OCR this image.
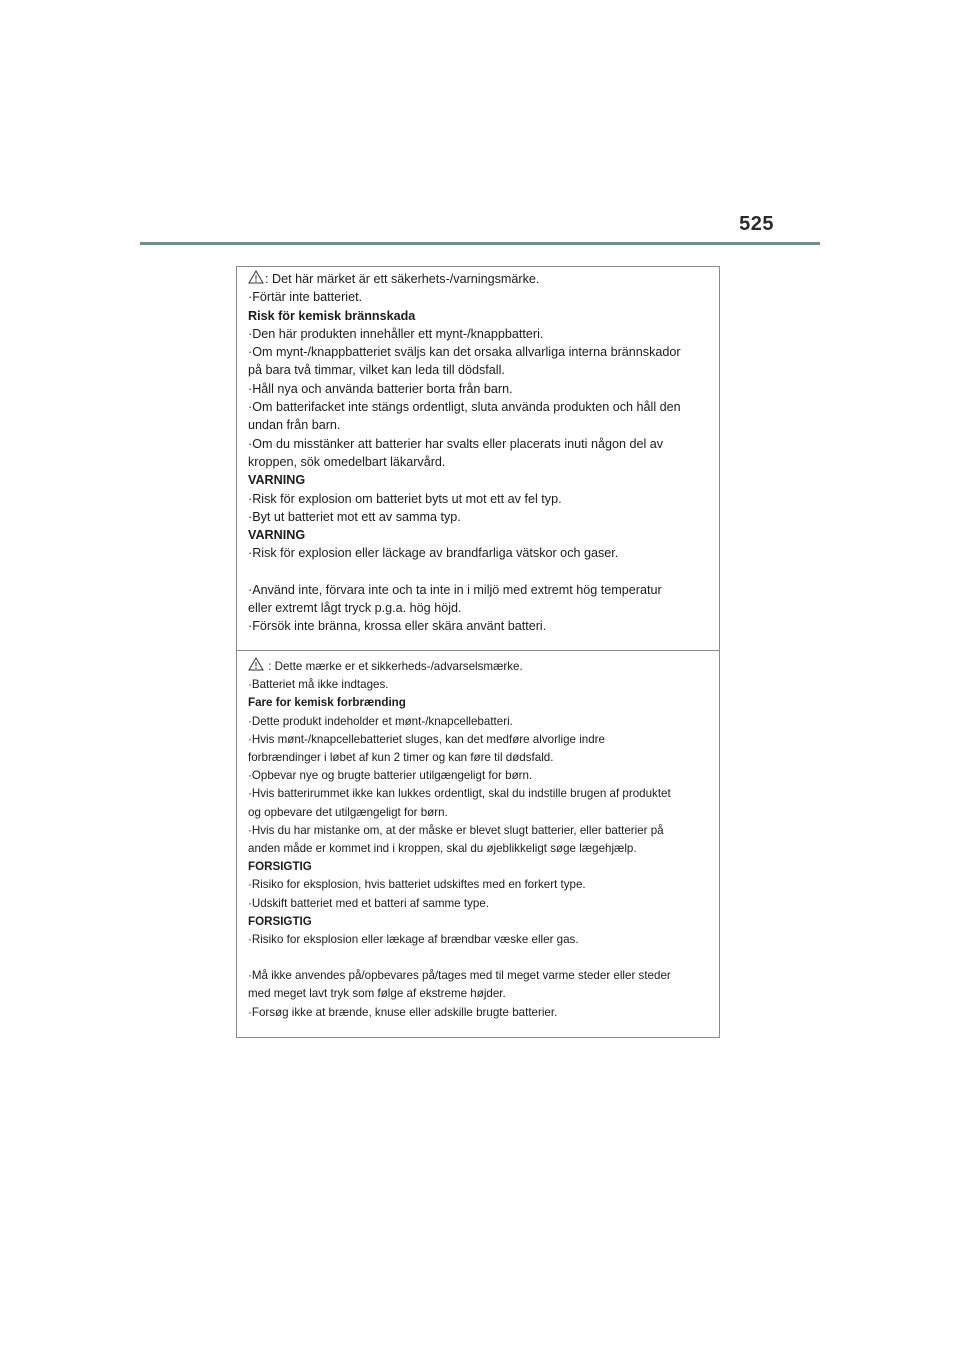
525
: Det här märket är ett säkerhets-/varningsmärke.
·Förtär inte batteriet.
Risk för kemisk brännskada
·Den här produkten innehåller ett mynt-/knappbatteri.
·Om mynt-/knappbatteriet sväljs kan det orsaka allvarliga interna brännskador
på bara två timmar, vilket kan leda till dödsfall.
·Håll nya och använda batterier borta från barn.
·Om batterifacket inte stängs ordentligt, sluta använda produkten och håll den
undan från barn.
·Om du misstänker att batterier har svalts eller placerats inuti någon del av
kroppen, sök omedelbart läkarvård.
VARNING
·Risk för explosion om batteriet byts ut mot ett av fel typ.
·Byt ut batteriet mot ett av samma typ.
VARNING
·Risk för explosion eller läckage av brandfarliga vätskor och gaser.
·Använd inte, förvara inte och ta inte in i miljö med extremt hög temperatur
eller extremt lågt tryck p.g.a. hög höjd.
·Försök inte bränna, krossa eller skära använt batteri.
: Dette mærke er et sikkerheds-/advarselsmærke.
·Batteriet må ikke indtages.
Fare for kemisk forbrænding
·Dette produkt indeholder et mønt-/knapcellebatteri.
·Hvis mønt-/knapcellebatteriet sluges, kan det medføre alvorlige indre
forbrændinger i løbet af kun 2 timer og kan føre til dødsfald.
·Opbevar nye og brugte batterier utilgængeligt for børn.
·Hvis batterirummet ikke kan lukkes ordentligt, skal du indstille brugen af produktet
og opbevare det utilgængeligt for børn.
·Hvis du har mistanke om, at der måske er blevet slugt batterier, eller batterier på
anden måde er kommet ind i kroppen, skal du øjeblikkeligt søge lægehjælp.
FORSIGTIG
·Risiko for eksplosion, hvis batteriet udskiftes med en forkert type.
·Udskift batteriet med et batteri af samme type.
FORSIGTIG
·Risiko for eksplosion eller lækage af brændbar væske eller gas.
·Må ikke anvendes på/opbevares på/tages med til meget varme steder eller steder
med meget lavt tryk som følge af ekstreme højder.
·Forsøg ikke at brænde, knuse eller adskille brugte batterier.
